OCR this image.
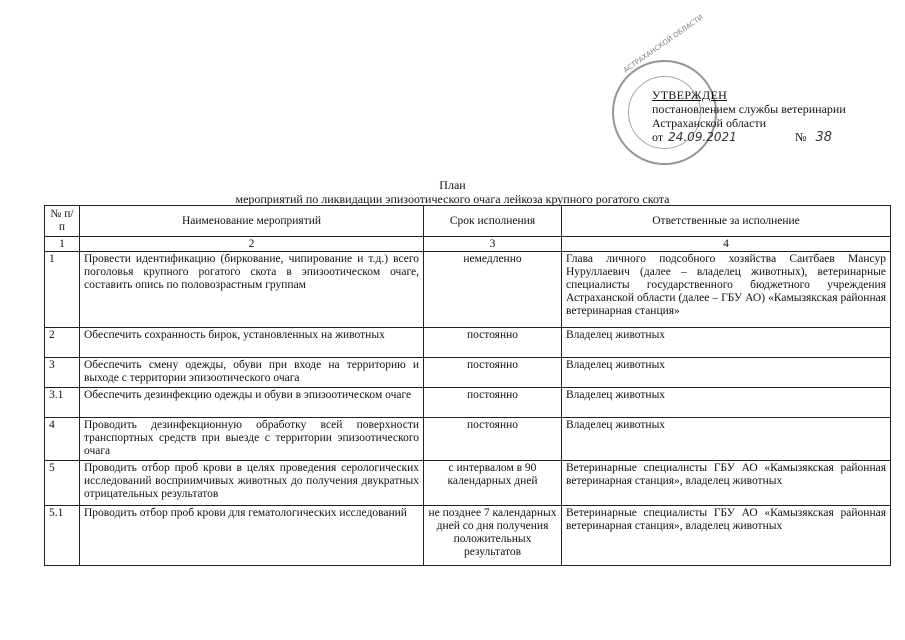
АСТРАХАНСКОЙ ОБЛАСТИ
УТВЕРЖДЕН
постановлением службы ветеринарии
Астраханской области
от 24.09.2021	№ 38
План
мероприятий по ликвидации эпизоотического очага лейкоза крупного рогатого скота
№ п/п	Наименование мероприятий	Срок исполнения	Ответственные за исполнение
1	2	3	4
1	Провести идентификацию (биркование, чипирование и т.д.) всего поголовья крупного рогатого скота в эпизоотическом очаге, составить опись по половозрастным группам	немедленно	Глава личного подсобного хозяйства Саитбаев Мансур Нуруллаевич (далее – владелец животных), ветеринарные специалисты государственного бюджетного учреждения Астраханской области (далее – ГБУ АО) «Камызякская районная ветеринарная станция»
2	Обеспечить сохранность бирок, установленных на животных	постоянно	Владелец животных
3	Обеспечить смену одежды, обуви при входе на территорию и выходе с территории эпизоотического очага	постоянно	Владелец животных
3.1	Обеспечить дезинфекцию одежды и обуви в эпизоотическом очаге	постоянно	Владелец животных
4	Проводить дезинфекционную обработку всей поверхности транспортных средств при выезде с территории эпизоотического очага	постоянно	Владелец животных
5	Проводить отбор проб крови в целях проведения серологических исследований восприимчивых животных до получения двукратных отрицательных результатов	с интервалом в 90 календарных дней	Ветеринарные специалисты ГБУ АО «Камызякская районная ветеринарная станция», владелец животных
5.1	Проводить отбор проб крови для гематологических исследований	не позднее 7 календарных дней со дня получения положительных результатов	Ветеринарные специалисты ГБУ АО «Камызякская районная ветеринарная станция», владелец животных
